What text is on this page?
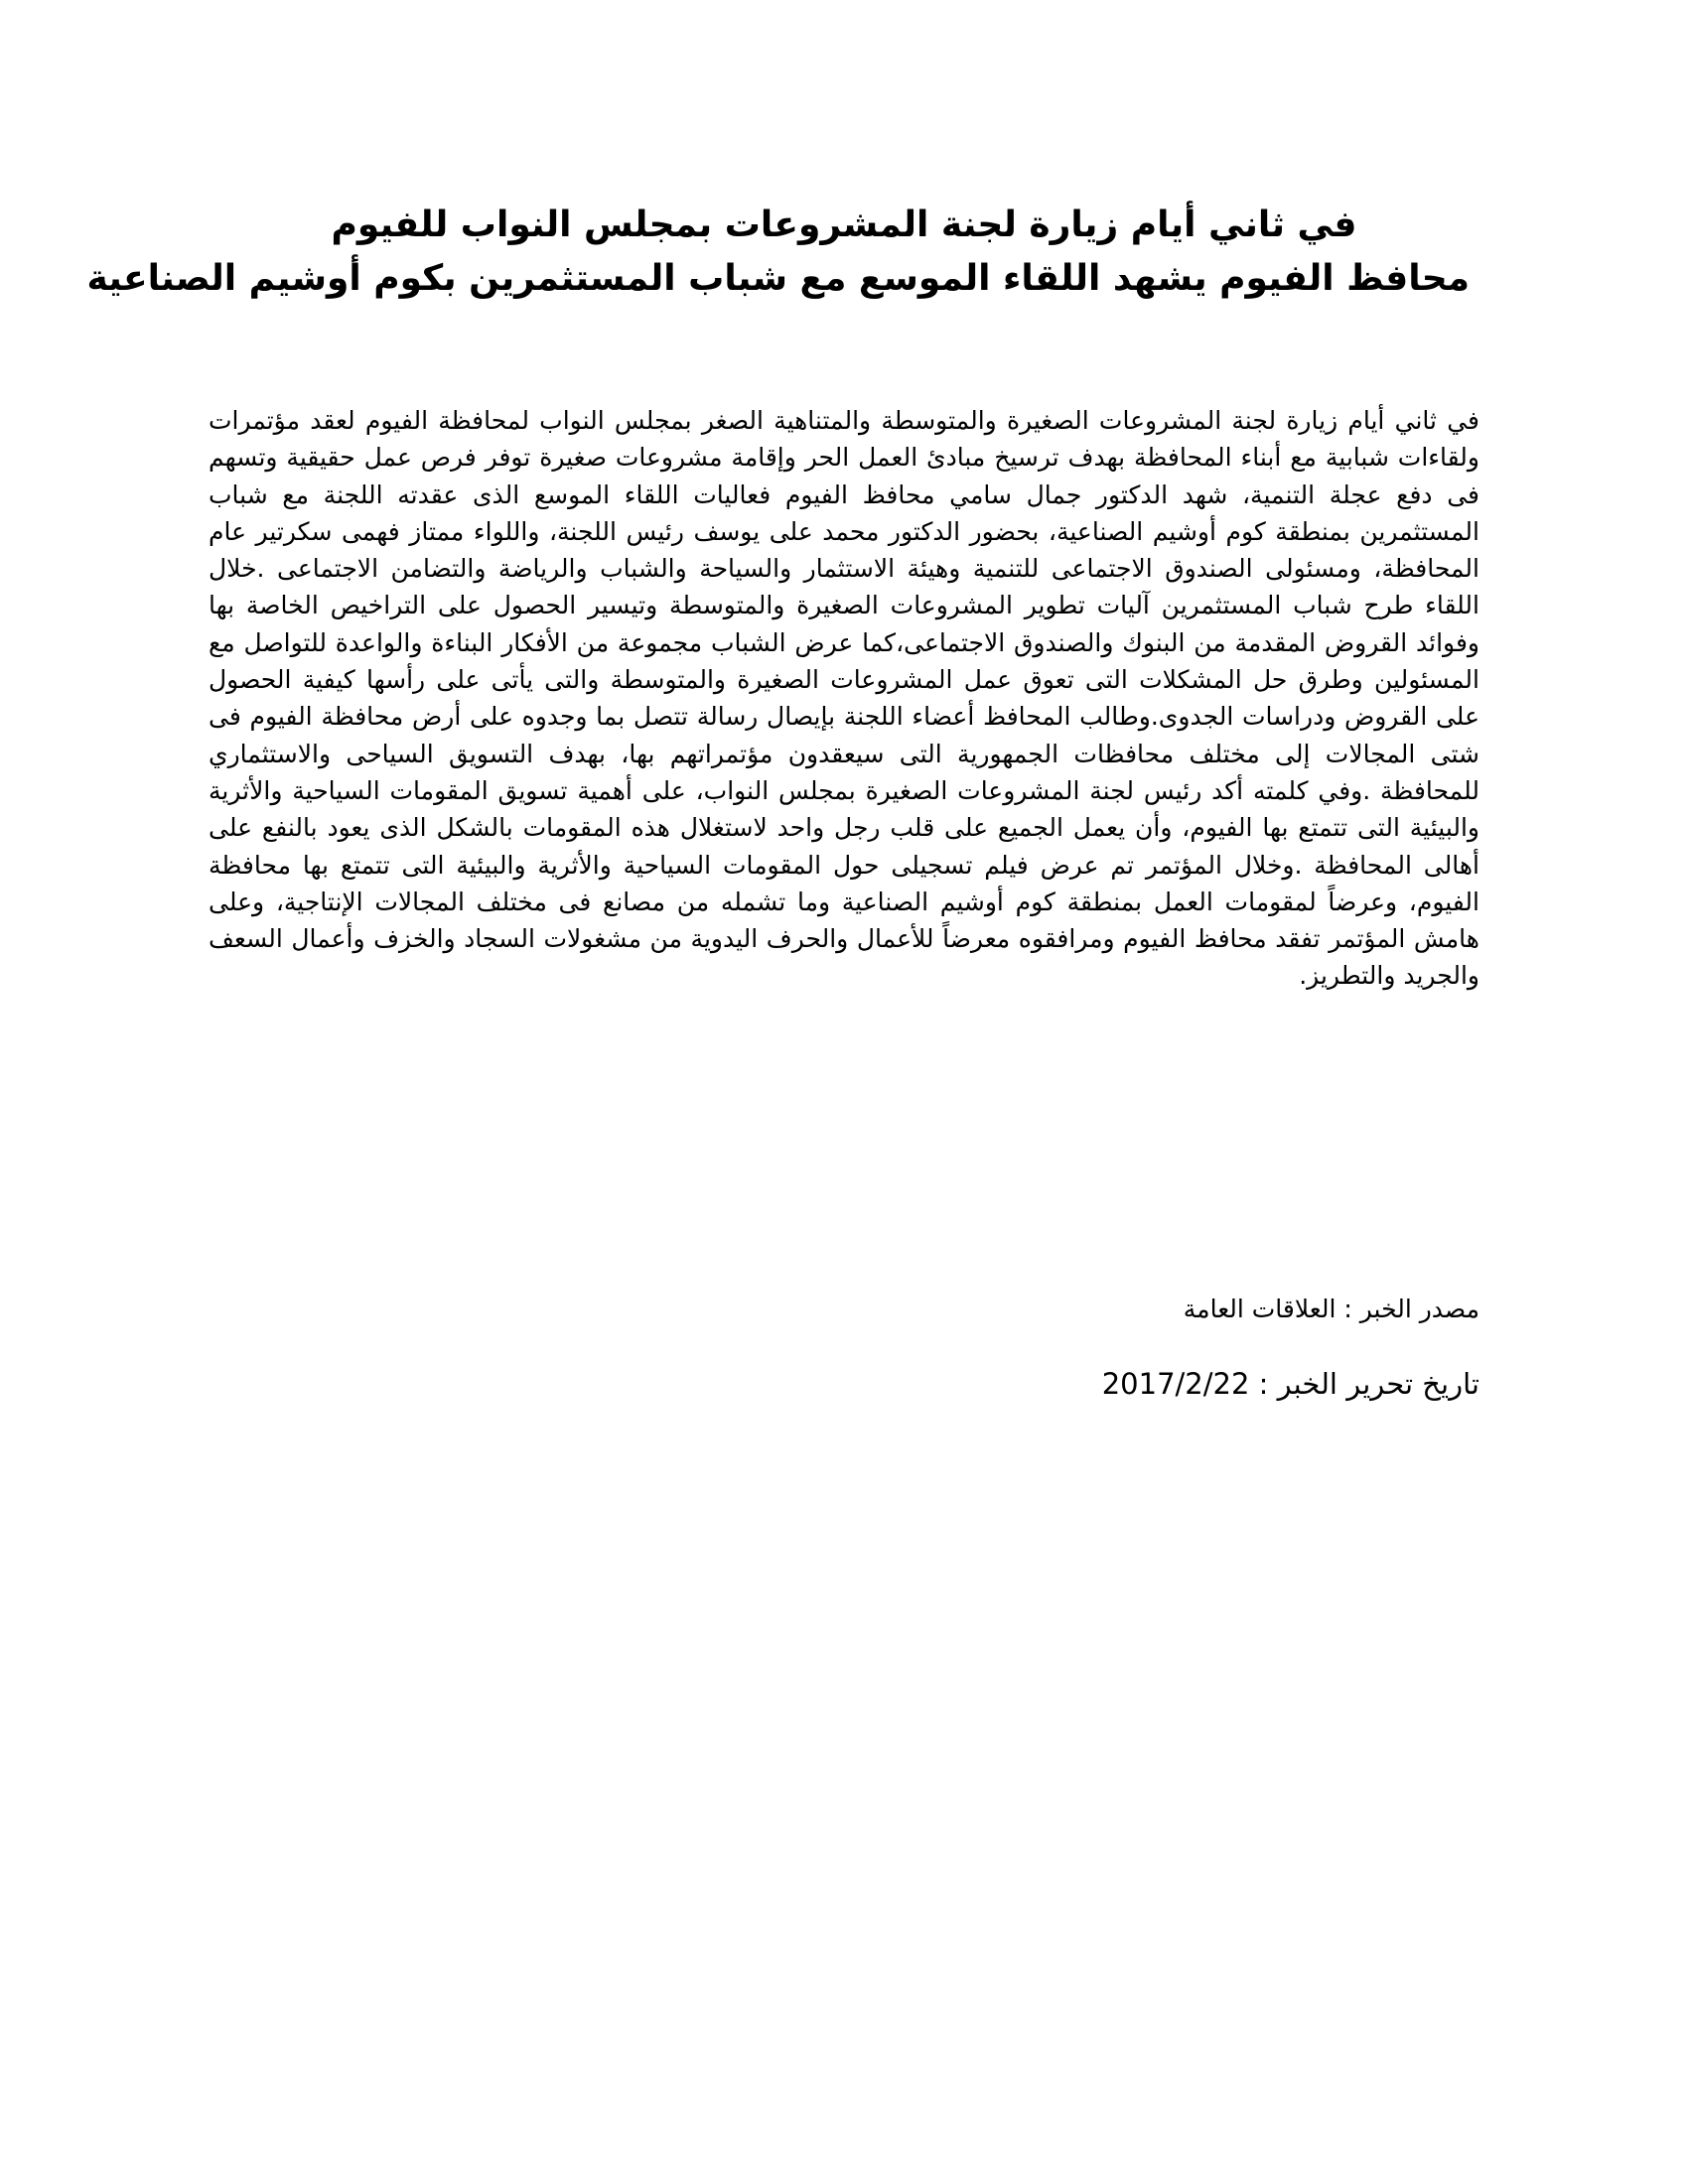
في ثاني أيام زيارة لجنة المشروعات بمجلس النواب للفيوم
محافظ الفيوم يشهد اللقاء الموسع مع شباب المستثمرين بكوم أوشيم الصناعية

في ثاني أيام زيارة لجنة المشروعات الصغيرة والمتوسطة والمتناهية الصغر بمجلس النواب لمحافظة الفيوم لعقد مؤتمرات ولقاءات شبابية مع أبناء المحافظة بهدف ترسيخ مبادئ العمل الحر وإقامة مشروعات صغيرة توفر فرص عمل حقيقية وتسهم فى دفع عجلة التنمية، شهد الدكتور جمال سامي محافظ الفيوم فعاليات اللقاء الموسع الذى عقدته اللجنة مع شباب المستثمرين بمنطقة كوم أوشيم الصناعية، بحضور الدكتور محمد على يوسف رئيس اللجنة، واللواء ممتاز فهمى سكرتير عام المحافظة، ومسئولى الصندوق الاجتماعى للتنمية وهيئة الاستثمار والسياحة والشباب والرياضة والتضامن الاجتماعى .خلال اللقاء طرح شباب المستثمرين آليات تطوير المشروعات الصغيرة والمتوسطة وتيسير الحصول على التراخيص الخاصة بها وفوائد القروض المقدمة من البنوك والصندوق الاجتماعى،كما عرض الشباب مجموعة من الأفكار البناءة والواعدة للتواصل مع المسئولين وطرق حل المشكلات التى تعوق عمل المشروعات الصغيرة والمتوسطة والتى يأتى على رأسها كيفية الحصول على القروض ودراسات الجدوى.وطالب المحافظ أعضاء اللجنة بإيصال رسالة تتصل بما وجدوه على أرض محافظة الفيوم فى شتى المجالات إلى مختلف محافظات الجمهورية التى سيعقدون مؤتمراتهم بها، بهدف التسويق السياحى والاستثماري للمحافظة .وفي كلمته أكد رئيس لجنة المشروعات الصغيرة بمجلس النواب، على أهمية تسويق المقومات السياحية والأثرية والبيئية التى تتمتع بها الفيوم، وأن يعمل الجميع على قلب رجل واحد لاستغلال هذه المقومات بالشكل الذى يعود بالنفع على أهالى المحافظة .وخلال المؤتمر تم عرض فيلم تسجيلى حول المقومات السياحية والأثرية والبيئية التى تتمتع بها محافظة الفيوم، وعرضاً لمقومات العمل بمنطقة كوم أوشيم الصناعية وما تشمله من مصانع فى مختلف المجالات الإنتاجية، وعلى هامش المؤتمر تفقد محافظ الفيوم ومرافقوه معرضاً للأعمال والحرف اليدوية من مشغولات السجاد والخزف وأعمال السعف والجريد والتطريز.

مصدر الخبر : العلاقات العامة

تاريخ تحرير الخبر : 2017/2/22
